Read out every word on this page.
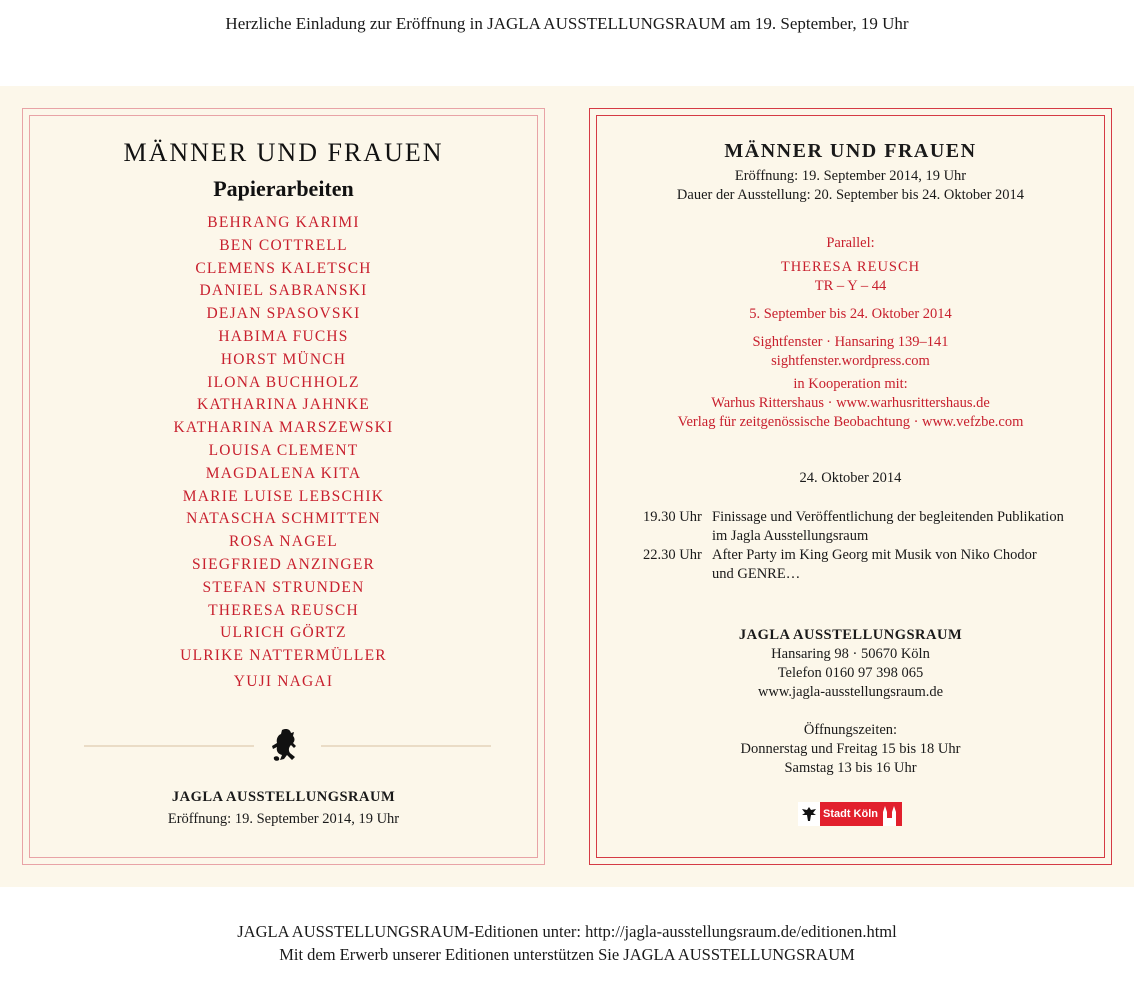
Herzliche Einladung zur Eröffnung in JAGLA AUSSTELLUNGSRAUM am 19. September, 19 Uhr
MÄNNER UND FRAUEN
Papierarbeiten
BEHRANG KARIMI
BEN COTTRELL
CLEMENS KALETSCH
DANIEL SABRANSKI
DEJAN SPASOVSKI
HABIMA FUCHS
HORST MÜNCH
ILONA BUCHHOLZ
KATHARINA JAHNKE
KATHARINA MARSZEWSKI
LOUISA CLEMENT
MAGDALENA KITA
MARIE LUISE LEBSCHIK
NATASCHA SCHMITTEN
ROSA NAGEL
SIEGFRIED ANZINGER
STEFAN STRUNDEN
THERESA REUSCH
ULRICH GÖRTZ
ULRIKE NATTERMÜLLER
YUJI NAGAI
JAGLA AUSSTELLUNGSRAUM
Eröffnung: 19. September 2014, 19 Uhr
MÄNNER UND FRAUEN
Eröffnung: 19. September 2014, 19 Uhr
Dauer der Ausstellung: 20. September bis 24. Oktober 2014
Parallel:
THERESA REUSCH
TR – Y – 44
5. September bis 24. Oktober 2014
Sightfenster · Hansaring 139–141
sightfenster.wordpress.com
in Kooperation mit:
Warhus Rittershaus · www.warhusrittershaus.de
Verlag für zeitgenössische Beobachtung · www.vefzbe.com
24. Oktober 2014
19.30 Uhr Finissage und Veröffentlichung der begleitenden Publikation
im Jagla Ausstellungsraum
22.30 Uhr After Party im King Georg mit Musik von Niko Chodor
und GENRE…
JAGLA AUSSTELLUNGSRAUM
Hansaring 98 · 50670 Köln
Telefon 0160 97 398 065
www.jagla-ausstellungsraum.de
Öffnungszeiten:
Donnerstag und Freitag 15 bis 18 Uhr
Samstag 13 bis 16 Uhr
Stadt Köln
JAGLA AUSSTELLUNGSRAUM-Editionen unter: http://jagla-ausstellungsraum.de/editionen.html
Mit dem Erwerb unserer Editionen unterstützen Sie JAGLA AUSSTELLUNGSRAUM
